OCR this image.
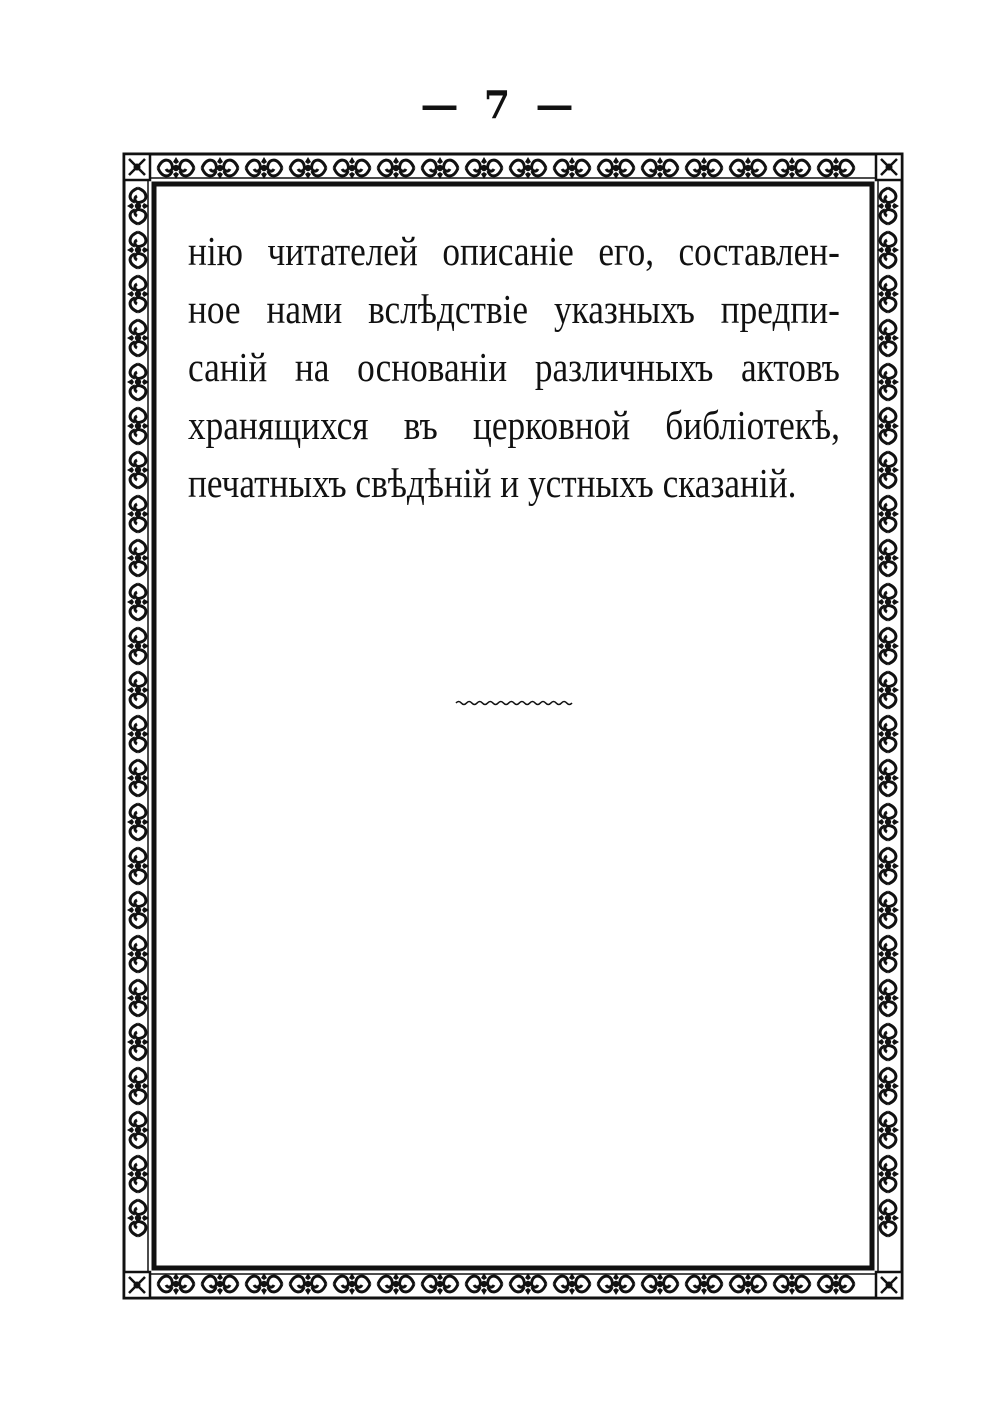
— 7 —
нію читателей описаніе его, составлен-
ное нами вслѣдствіе указныхъ предпи-
саній на основаніи различныхъ актовъ
хранящихся въ церковной библіотекѣ,
печатныхъ свѣдѣній и устныхъ сказаній.
